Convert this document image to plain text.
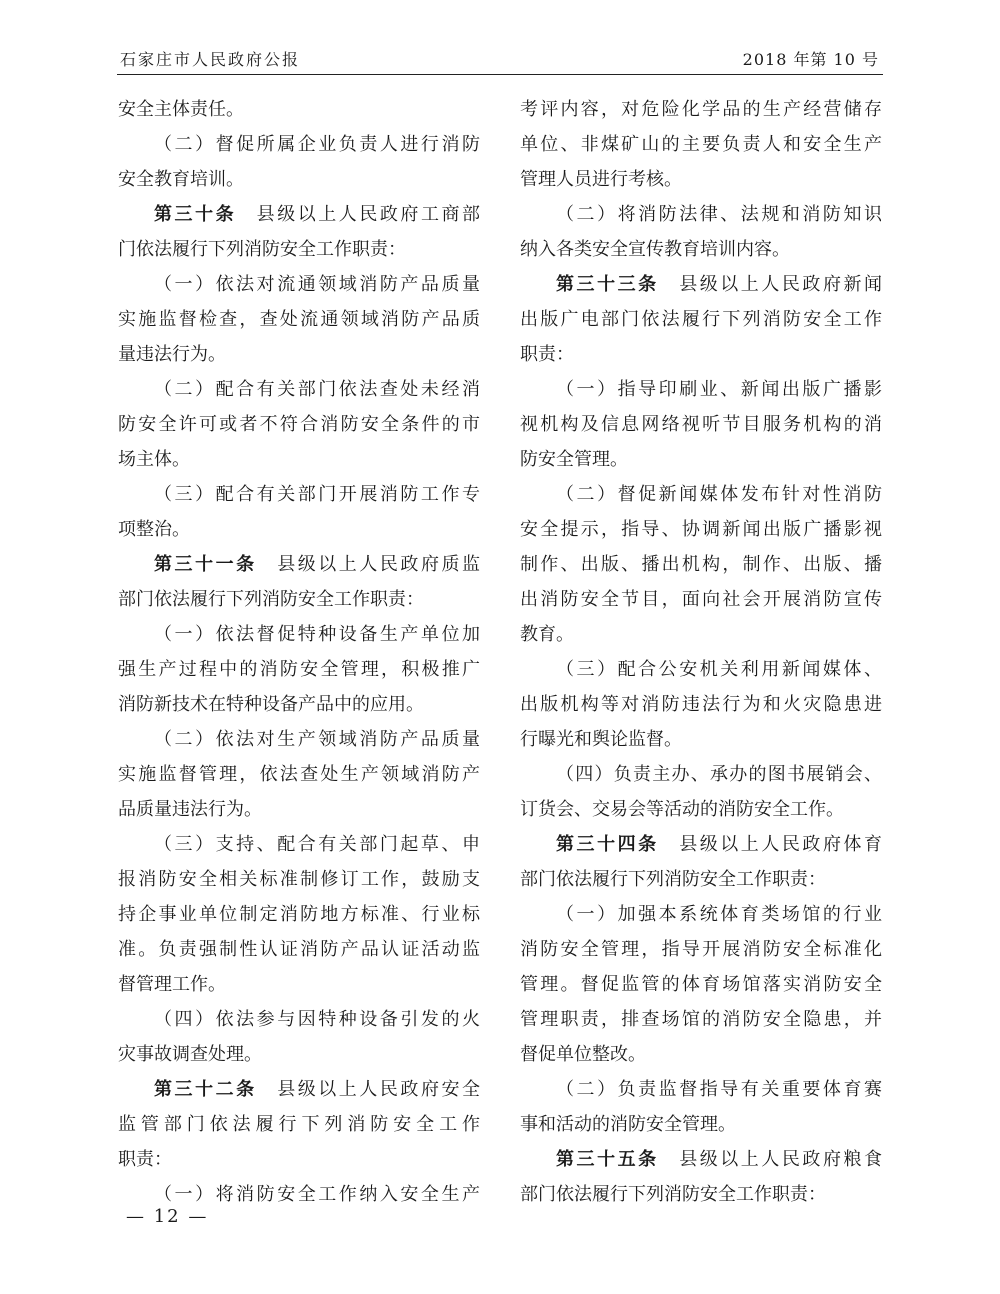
石家庄市人民政府公报	2018 年第 10 号
安全主体责任。
（二）督促所属企业负责人进行消防
安全教育培训。
第三十条　县级以上人民政府工商部
门依法履行下列消防安全工作职责：
（一）依法对流通领域消防产品质量
实施监督检查，查处流通领域消防产品质
量违法行为。
（二）配合有关部门依法查处未经消
防安全许可或者不符合消防安全条件的市
场主体。
（三）配合有关部门开展消防工作专
项整治。
第三十一条　县级以上人民政府质监
部门依法履行下列消防安全工作职责：
（一）依法督促特种设备生产单位加
强生产过程中的消防安全管理，积极推广
消防新技术在特种设备产品中的应用。
（二）依法对生产领域消防产品质量
实施监督管理，依法查处生产领域消防产
品质量违法行为。
（三）支持、配合有关部门起草、申
报消防安全相关标准制修订工作，鼓励支
持企事业单位制定消防地方标准、行业标
准。负责强制性认证消防产品认证活动监
督管理工作。
（四）依法参与因特种设备引发的火
灾事故调查处理。
第三十二条　县级以上人民政府安全
监管部门依法履行下列消防安全工作
职责：
（一）将消防安全工作纳入安全生产
考评内容，对危险化学品的生产经营储存
单位、非煤矿山的主要负责人和安全生产
管理人员进行考核。
（二）将消防法律、法规和消防知识
纳入各类安全宣传教育培训内容。
第三十三条　县级以上人民政府新闻
出版广电部门依法履行下列消防安全工作
职责：
（一）指导印刷业、新闻出版广播影
视机构及信息网络视听节目服务机构的消
防安全管理。
（二）督促新闻媒体发布针对性消防
安全提示，指导、协调新闻出版广播影视
制作、出版、播出机构，制作、出版、播
出消防安全节目，面向社会开展消防宣传
教育。
（三）配合公安机关利用新闻媒体、
出版机构等对消防违法行为和火灾隐患进
行曝光和舆论监督。
（四）负责主办、承办的图书展销会、
订货会、交易会等活动的消防安全工作。
第三十四条　县级以上人民政府体育
部门依法履行下列消防安全工作职责：
（一）加强本系统体育类场馆的行业
消防安全管理，指导开展消防安全标准化
管理。督促监管的体育场馆落实消防安全
管理职责，排查场馆的消防安全隐患，并
督促单位整改。
（二）负责监督指导有关重要体育赛
事和活动的消防安全管理。
第三十五条　县级以上人民政府粮食
部门依法履行下列消防安全工作职责：
— 12 —
